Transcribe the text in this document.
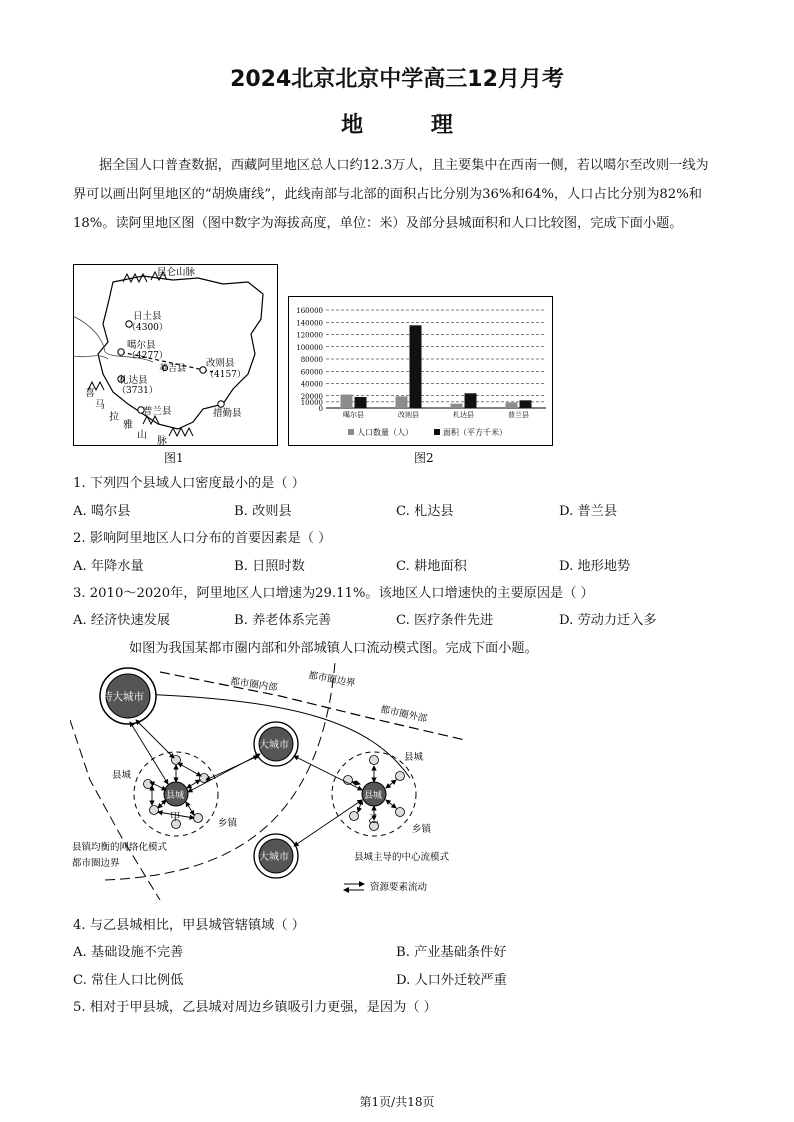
2024北京北京中学高三12月月考
地 理
据全国人口普查数据，西藏阿里地区总人口约12.3万人，且主要集中在西南一侧，若以噶尔至改则一线为界可以画出阿里地区的“胡焕庸线”，此线南部与北部的面积占比分别为36%和64%，人口占比分别为82%和18%。读阿里地区图（图中数字为海拔高度，单位：米）及部分县城面积和人口比较图，完成下面小题。
昆仑山脉
日土县
（4300）
噶尔县
（4277）
改则县
（4157）
革吉县
札达县
（3731）
普兰县	措勤县
喜
马
拉
雅
山
脉
图1
0
10000
20000
40000
60000
80000
100000
120000
140000
160000
噶尔县	改则县	札达县	普兰县
人口数量（人）	面积（平方千米）
图2
1. 下列四个县域人口密度最小的是（ ）
A. 噶尔县	B. 改则县	C. 札达县	D. 普兰县
2. 影响阿里地区人口分布的首要因素是（ ）
A. 年降水量	B. 日照时数	C. 耕地面积	D. 地形地势
3. 2010～2020年，阿里地区人口增速为29.11%。该地区人口增速快的主要原因是（ ）
A. 经济快速发展	B. 养老体系完善	C. 医疗条件先进	D. 劳动力迁入多
如图为我国某都市圈内部和外部城镇人口流动模式图。完成下面小题。
特大城市
大城市
大城市
县城	县城
甲	乙
县城
县城
乡镇
乡镇
都市圈内部	都市圈边界
都市圈外部
县镇均衡的网络化模式
都市圈边界
县城主导的中心流模式
资源要素流动
4. 与乙县城相比，甲县城管辖镇域（ ）
A. 基础设施不完善	B. 产业基础条件好
C. 常住人口比例低	D. 人口外迁较严重
5. 相对于甲县城，乙县城对周边乡镇吸引力更强，是因为（ ）
第1页/共18页
